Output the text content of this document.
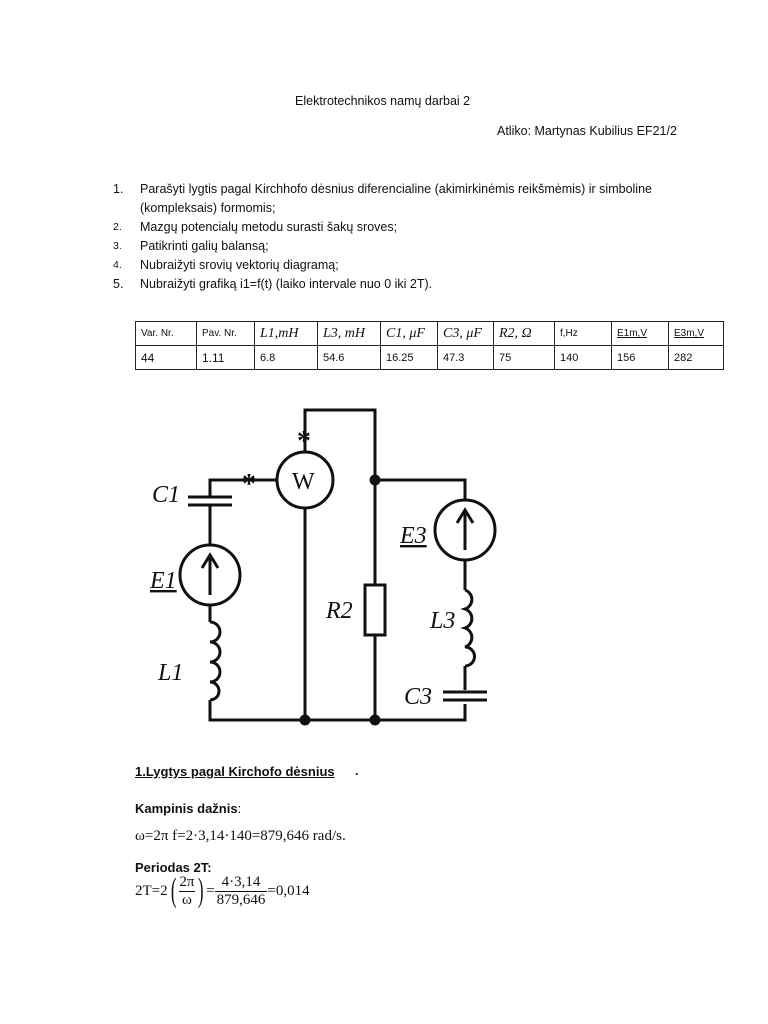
Elektrotechnikos namų darbai 2
Atliko: Martynas Kubilius EF21/2
1.	Parašyti lygtis pagal Kirchhofo dėsnius diferencialine (akimirkinėmis reikšmėmis) ir simboline (kompleksais) formomis;
2.	Mazgų potencialų metodu surasti šakų sroves;
3.	Patikrinti galių balansą;
4.	Nubraižyti srovių vektorių diagramą;
5.	Nubraižyti grafiką i1=f(t) (laiko intervale nuo 0 iki 2T).
Var. Nr.	Pav. Nr.	L1,mH	L3, mH	C1, μF	C3, μF	R2, Ω	f,Hz	E1m,V	E3m,V
44	1.11	6.8	54.6	16.25	47.3	75	140	156	282
W
*
*
C1
E1
L1
R2
E3
L3
C3
1.Lygtys pagal Kirchofo dėsnius .
Kampinis dažnis:
ω=2π f=2·3,14·140=879,646 rad/s.
Periodas 2T:
2T=2 ( $\frac{2\pi}{\omega}$ ) = $\frac{4\cdot 3,14}{879,646} =0,014$
